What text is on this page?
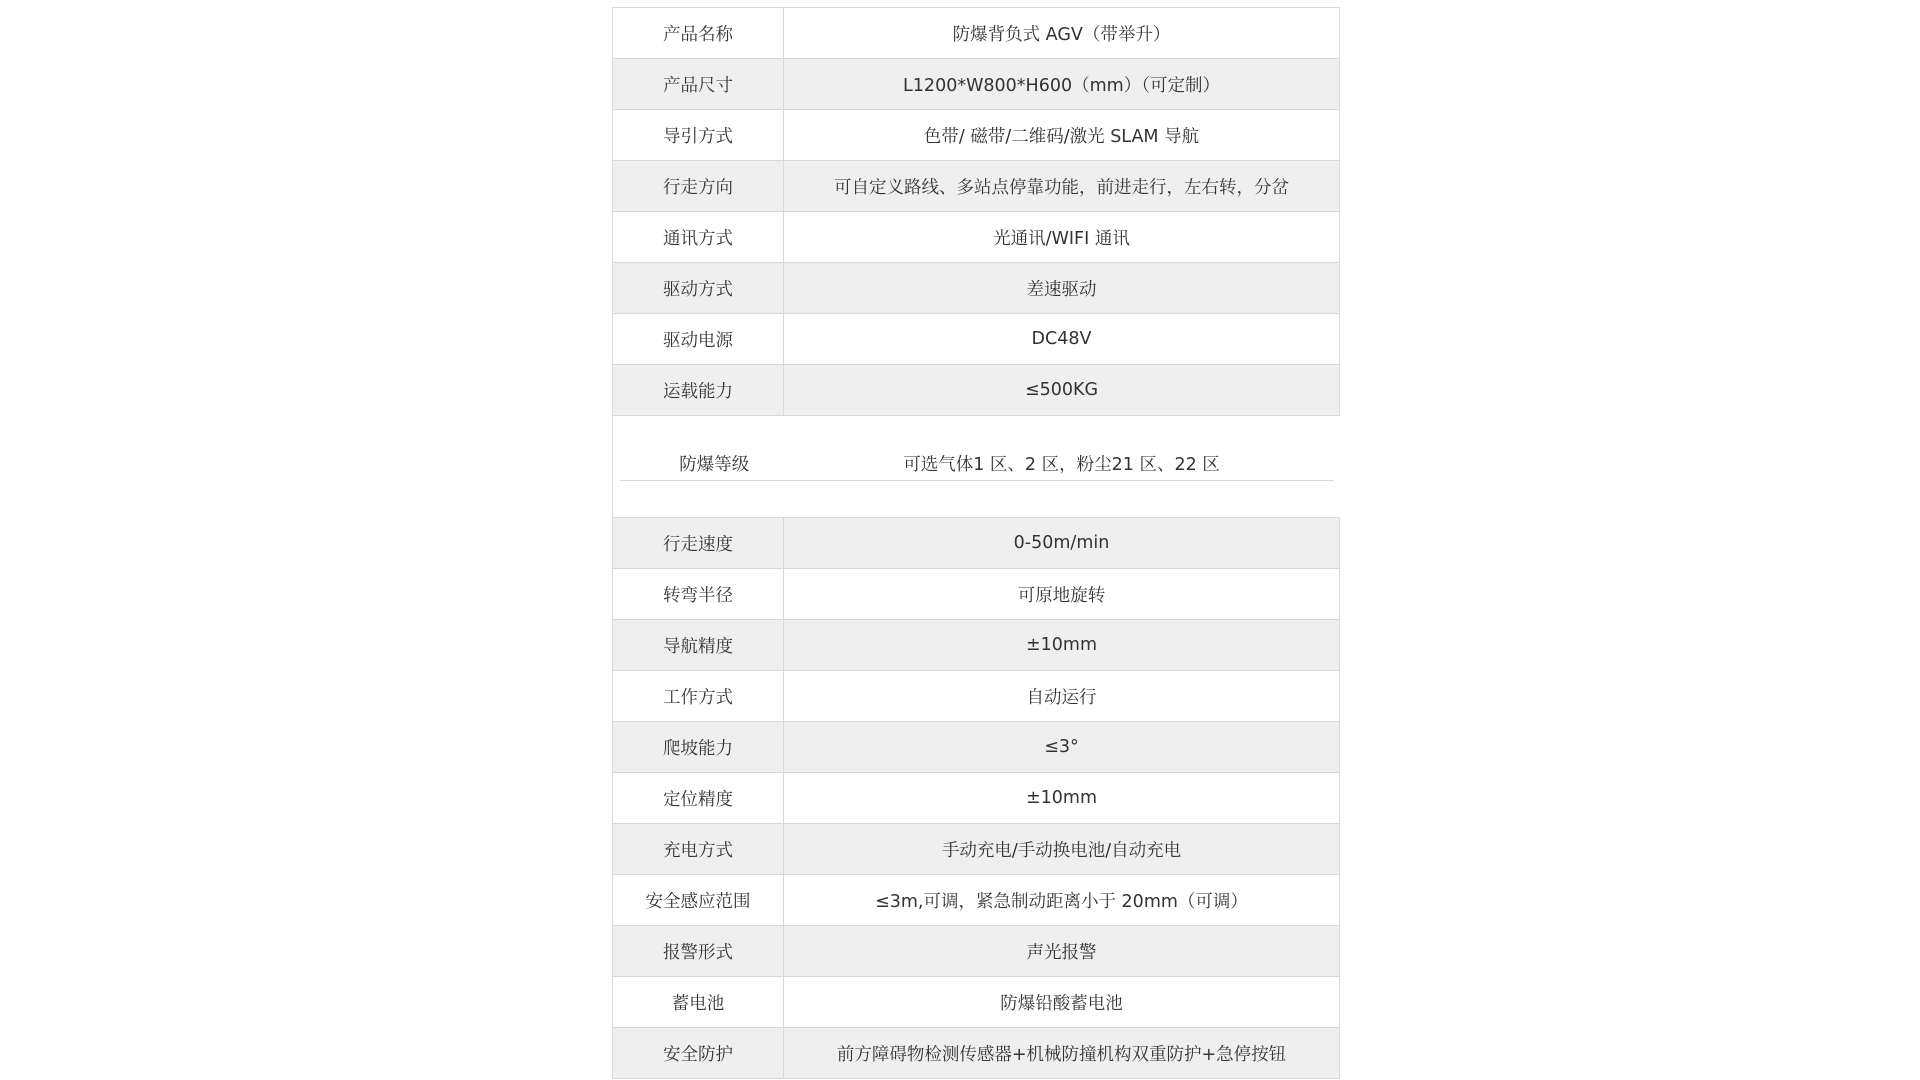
产品名称	防爆背负式 AGV（带举升）
产品尺寸	L1200*W800*H600（mm）（可定制）
导引方式	色带/ 磁带/二维码/激光 SLAM 导航
行走方向	可自定义路线、多站点停靠功能，前进走行，左右转，分岔
通讯方式	光通讯/WIFI 通讯
驱动方式	差速驱动
驱动电源	DC48V
运载能力	≤500KG

防爆等级	可选气体1 区、2 区，粉尘21 区、22 区

行走速度	0-50m/min
转弯半径	可原地旋转
导航精度	±10mm
工作方式	自动运行
爬坡能力	≤3°
定位精度	±10mm
充电方式	手动充电/手动换电池/自动充电
安全感应范围	≤3m,可调，紧急制动距离小于 20mm（可调）
报警形式	声光报警
蓄电池	防爆铅酸蓄电池
安全防护	前方障碍物检测传感器+机械防撞机构双重防护+急停按钮
